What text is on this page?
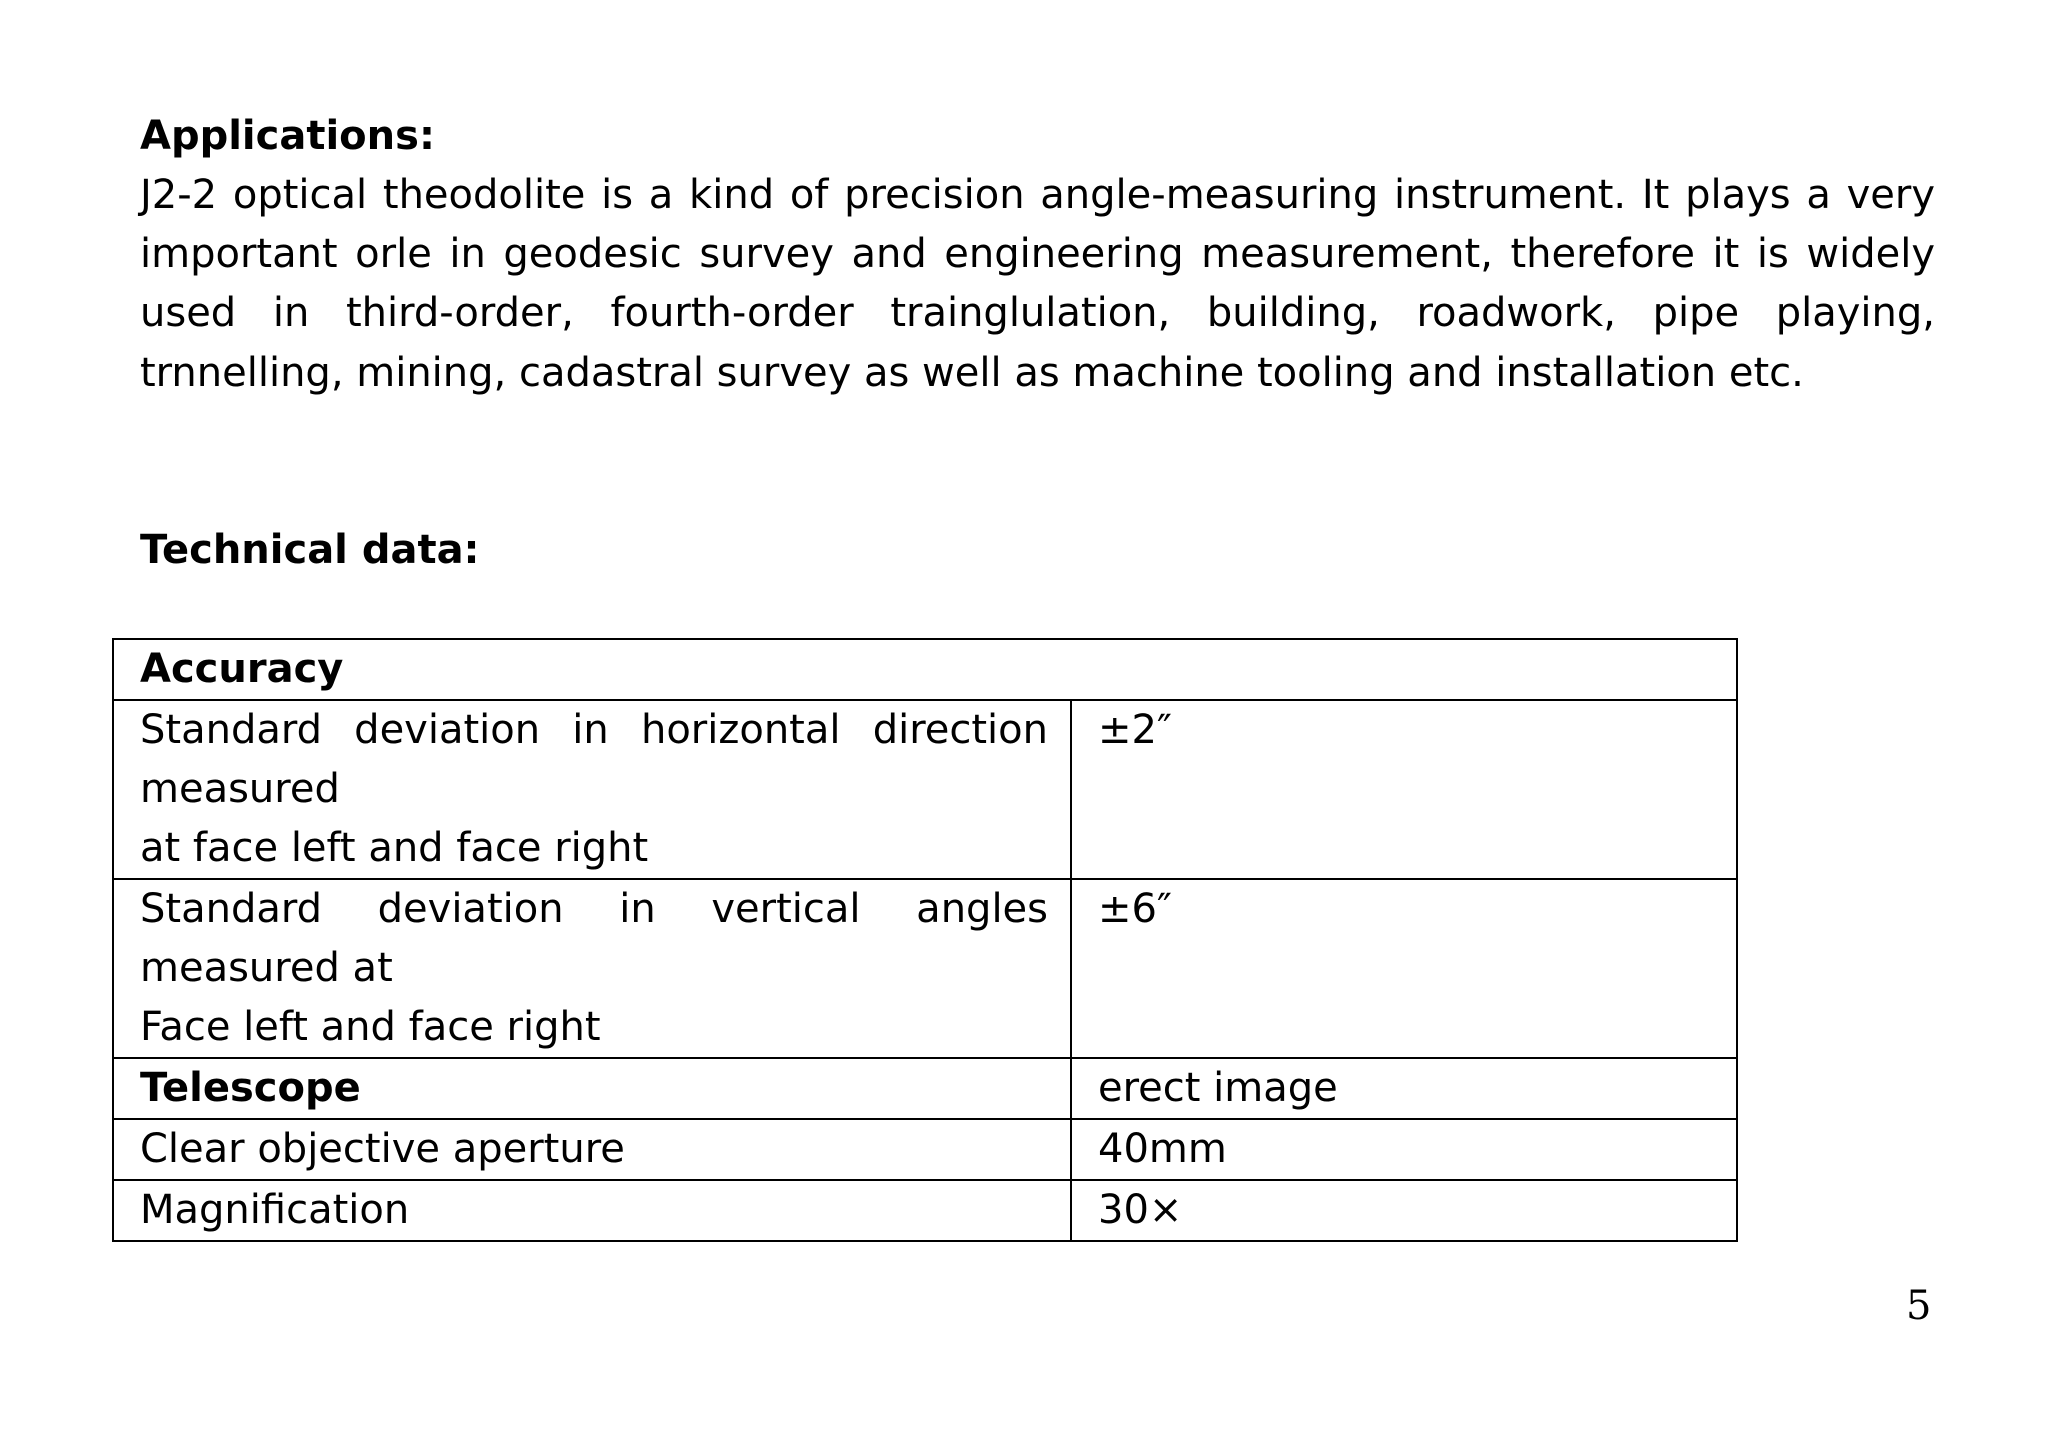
Applications:

J2-2 optical theodolite is a kind of precision angle-measuring instrument. It plays a very important orle in geodesic survey and engineering measurement, therefore it is widely used in third-order, fourth-order trainglulation, building, roadwork, pipe playing, trnnelling, mining, cadastral survey as well as machine tooling and installation etc.

Technical data:
Accuracy	
Standard deviation in horizontal direction measured
at face left and face right	±2″
Standard deviation in vertical angles measured at
Face left and face right	±6″
Telescope	erect image
Clear objective aperture	40mm
Magnification	30×
5
